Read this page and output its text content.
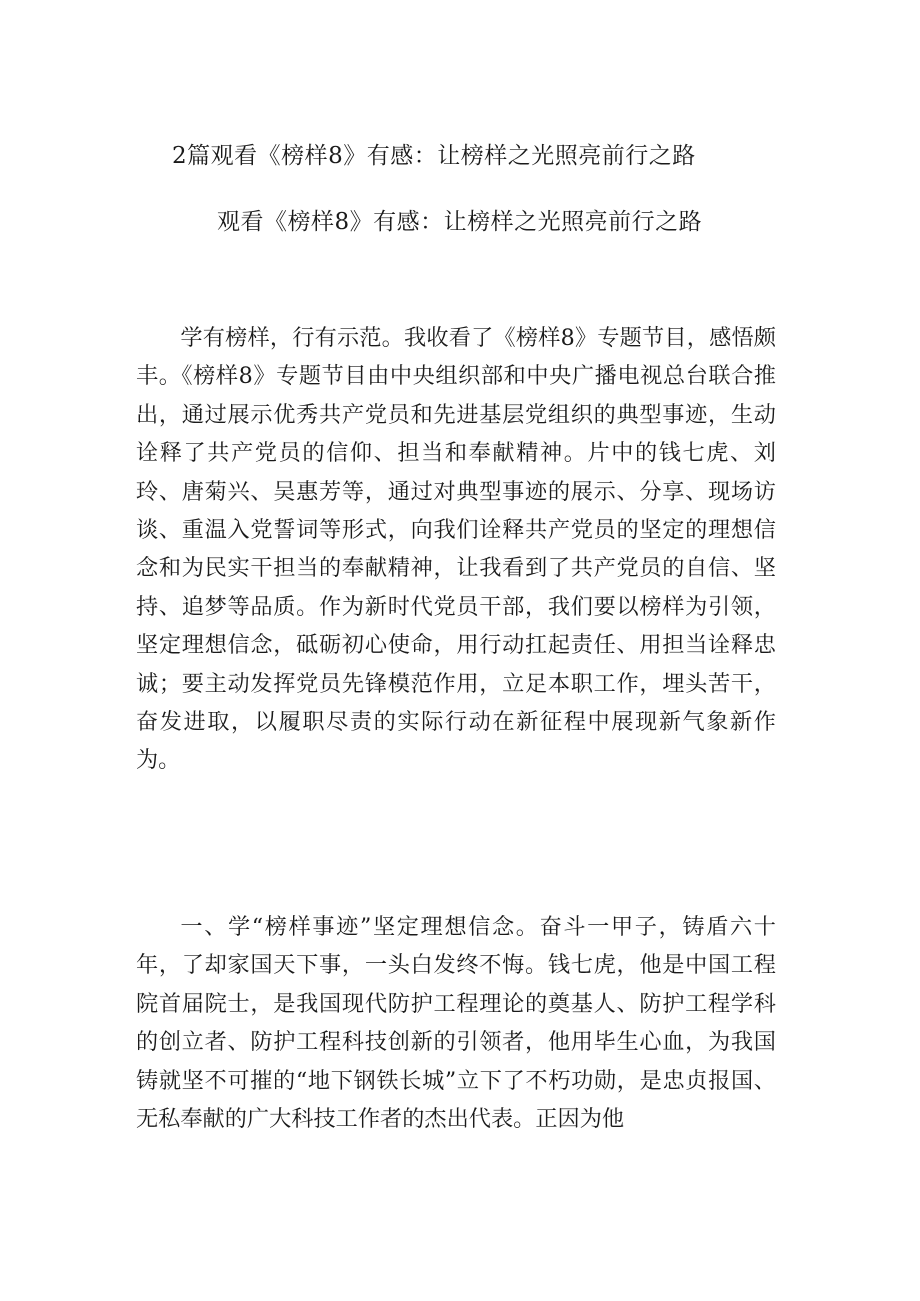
2篇观看《榜样8》有感：让榜样之光照亮前行之路
观看《榜样8》有感：让榜样之光照亮前行之路

学有榜样，行有示范。我收看了《榜样8》专题节目，感悟颇丰。《榜样8》专题节目由中央组织部和中央广播电视总台联合推出，通过展示优秀共产党员和先进基层党组织的典型事迹，生动诠释了共产党员的信仰、担当和奉献精神。片中的钱七虎、刘玲、唐菊兴、吴惠芳等，通过对典型事迹的展示、分享、现场访谈、重温入党誓词等形式，向我们诠释共产党员的坚定的理想信念和为民实干担当的奉献精神，让我看到了共产党员的自信、坚持、追梦等品质。作为新时代党员干部，我们要以榜样为引领，坚定理想信念，砥砺初心使命，用行动扛起责任、用担当诠释忠诚；要主动发挥党员先锋模范作用，立足本职工作，埋头苦干，奋发进取，以履职尽责的实际行动在新征程中展现新气象新作为。

一、学“榜样事迹”坚定理想信念。奋斗一甲子，铸盾六十年，了却家国天下事，一头白发终不悔。钱七虎，他是中国工程院首届院士，是我国现代防护工程理论的奠基人、防护工程学科的创立者、防护工程科技创新的引领者，他用毕生心血，为我国铸就坚不可摧的“地下钢铁长城”立下了不朽功勋，是忠贞报国、无私奉献的广大科技工作者的杰出代表。正因为他
